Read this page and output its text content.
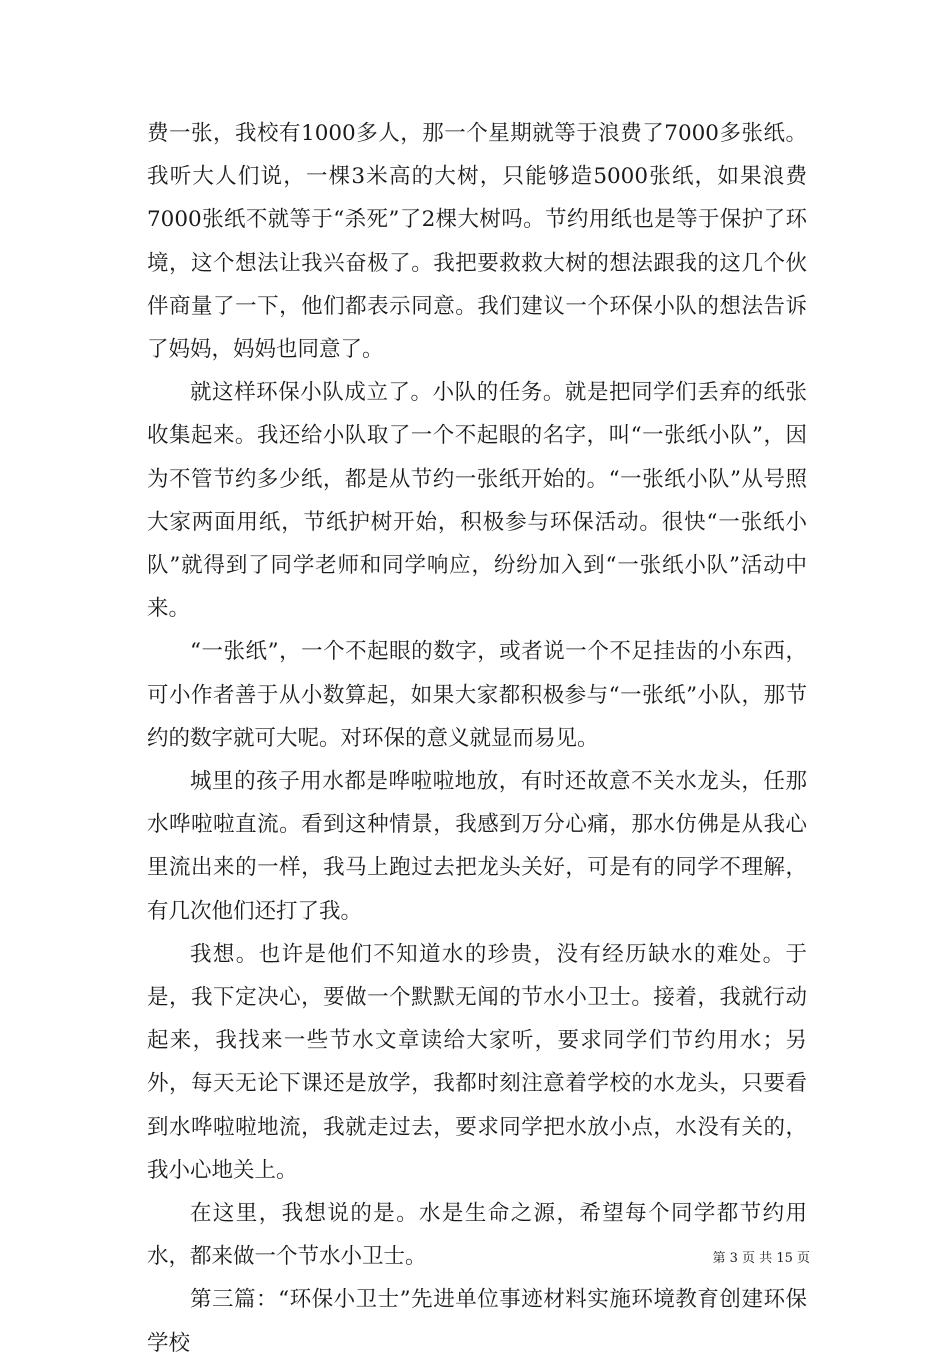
费一张，我校有1000多人，那一个星期就等于浪费了7000多张纸。我听大人们说，一棵3米高的大树，只能够造5000张纸，如果浪费7000张纸不就等于“杀死”了2棵大树吗。节约用纸也是等于保护了环境，这个想法让我兴奋极了。我把要救救大树的想法跟我的这几个伙伴商量了一下，他们都表示同意。我们建议一个环保小队的想法告诉了妈妈，妈妈也同意了。

就这样环保小队成立了。小队的任务。就是把同学们丢弃的纸张收集起来。我还给小队取了一个不起眼的名字，叫“一张纸小队”，因为不管节约多少纸，都是从节约一张纸开始的。“一张纸小队”从号照大家两面用纸，节纸护树开始，积极参与环保活动。很快“一张纸小队”就得到了同学老师和同学响应，纷纷加入到“一张纸小队”活动中来。

“一张纸”，一个不起眼的数字，或者说一个不足挂齿的小东西，可小作者善于从小数算起，如果大家都积极参与“一张纸”小队，那节约的数字就可大呢。对环保的意义就显而易见。

城里的孩子用水都是哗啦啦地放，有时还故意不关水龙头，任那水哗啦啦直流。看到这种情景，我感到万分心痛，那水仿佛是从我心里流出来的一样，我马上跑过去把龙头关好，可是有的同学不理解，有几次他们还打了我。

我想。也许是他们不知道水的珍贵，没有经历缺水的难处。于是，我下定决心，要做一个默默无闻的节水小卫士。接着，我就行动起来，我找来一些节水文章读给大家听，要求同学们节约用水；另外，每天无论下课还是放学，我都时刻注意着学校的水龙头，只要看到水哗啦啦地流，我就走过去，要求同学把水放小点，水没有关的，我小心地关上。

在这里，我想说的是。水是生命之源，希望每个同学都节约用水，都来做一个节水小卫士。

第三篇：“环保小卫士”先进单位事迹材料实施环境教育创建环保学校

第 3 页 共 15 页
